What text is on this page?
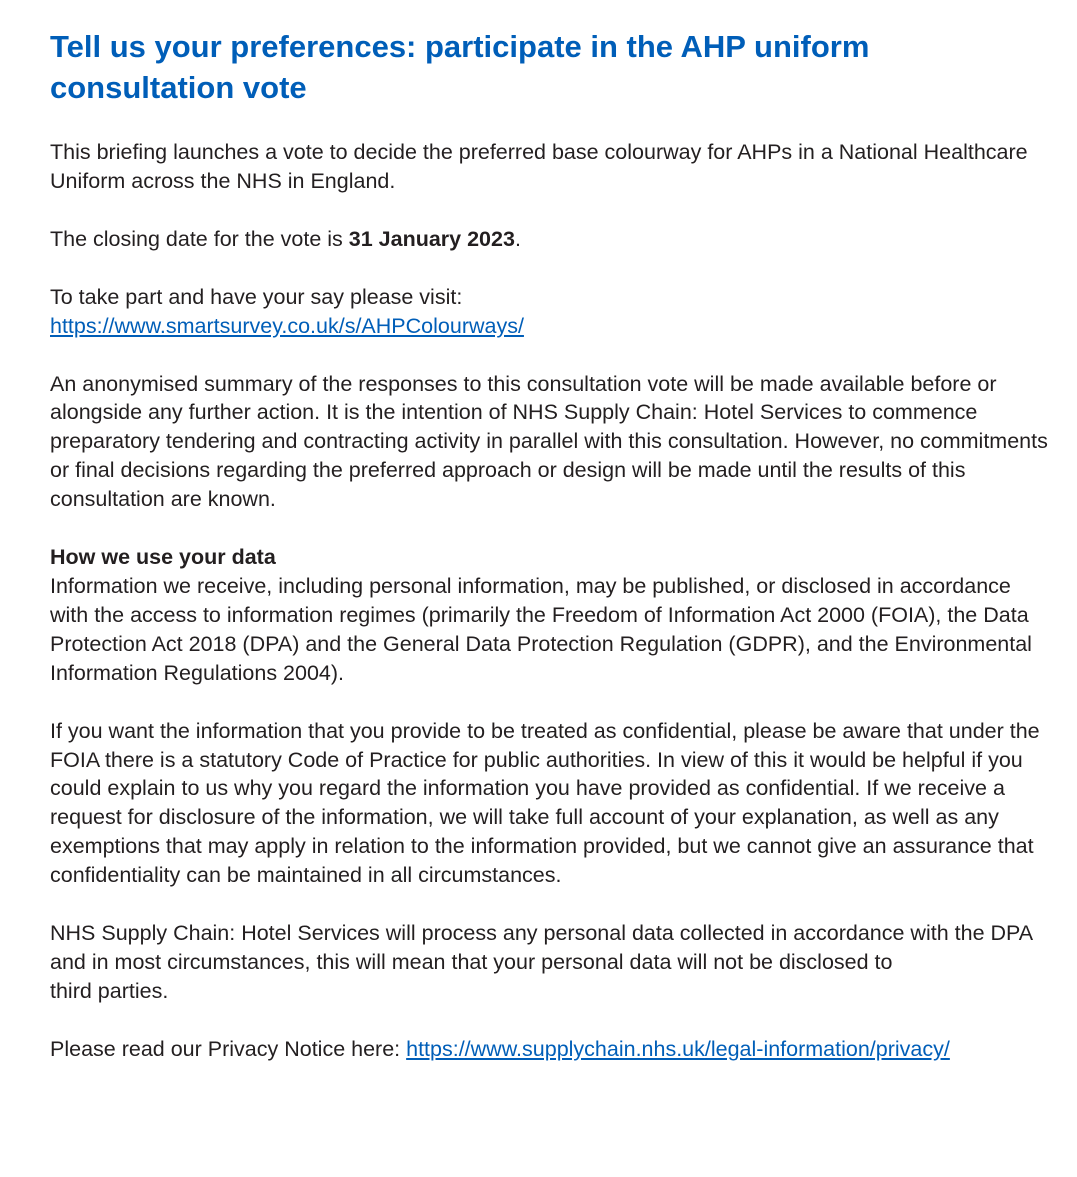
Tell us your preferences: participate in the AHP uniform consultation vote

This briefing launches a vote to decide the preferred base colourway for AHPs in a National Healthcare Uniform across the NHS in England.

The closing date for the vote is 31 January 2023.

To take part and have your say please visit:
https://www.smartsurvey.co.uk/s/AHPColourways/

An anonymised summary of the responses to this consultation vote will be made available before or alongside any further action. It is the intention of NHS Supply Chain: Hotel Services to commence preparatory tendering and contracting activity in parallel with this consultation. However, no commitments or final decisions regarding the preferred approach or design will be made until the results of this consultation are known.

How we use your data

Information we receive, including personal information, may be published, or disclosed in accordance with the access to information regimes (primarily the Freedom of Information Act 2000 (FOIA), the Data Protection Act 2018 (DPA) and the General Data Protection Regulation (GDPR), and the Environmental Information Regulations 2004).

If you want the information that you provide to be treated as confidential, please be aware that under the FOIA there is a statutory Code of Practice for public authorities. In view of this it would be helpful if you could explain to us why you regard the information you have provided as confidential. If we receive a request for disclosure of the information, we will take full account of your explanation, as well as any exemptions that may apply in relation to the information provided, but we cannot give an assurance that confidentiality can be maintained in all circumstances.

NHS Supply Chain: Hotel Services will process any personal data collected in accordance with the DPA and in most circumstances, this will mean that your personal data will not be disclosed to
third parties.

Please read our Privacy Notice here: https://www.supplychain.nhs.uk/legal-information/privacy/
